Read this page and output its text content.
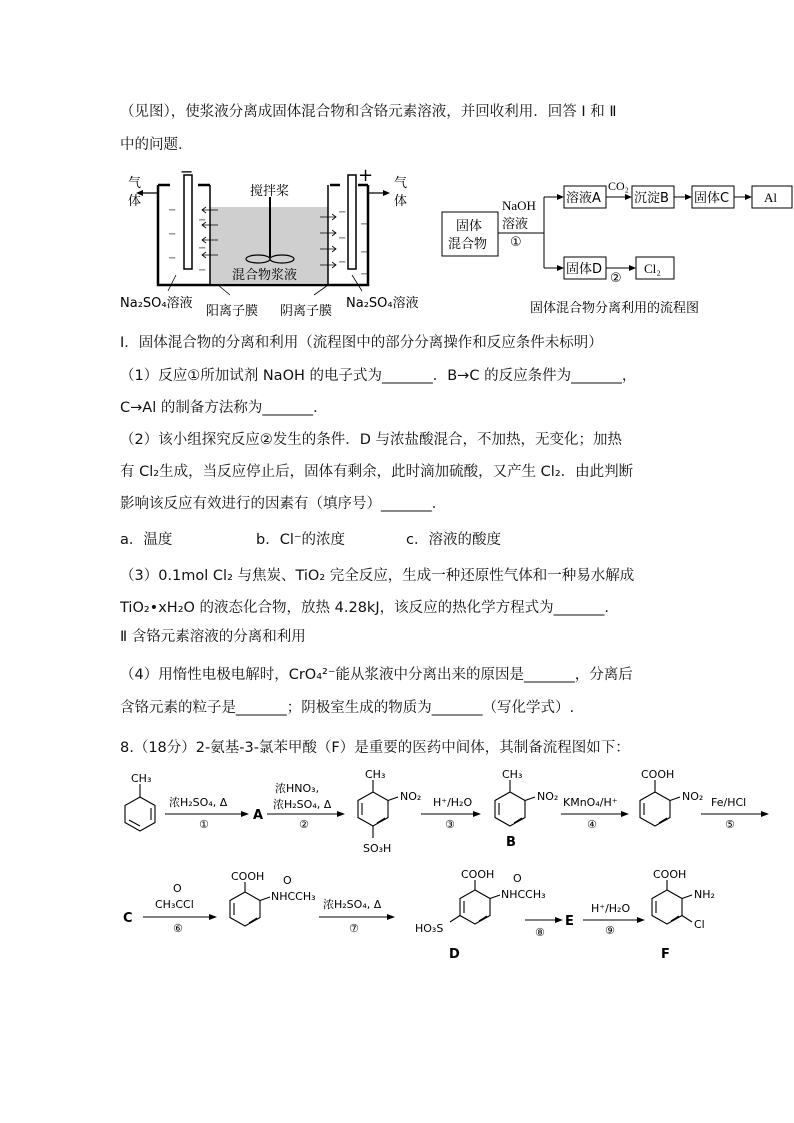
（见图），使浆液分离成固体混合物和含铬元素溶液，并回收利用．回答 Ⅰ 和 Ⅱ
中的问题．
−	+
气体
气体
−
−
−
−
−
−
−
−
−
−
−
−
搅拌桨
混合物浆液
Na₂SO₄溶液
阳离子膜 阴离子膜
Na₂SO₄溶液
固体混合物
NaOH
溶液
①
溶液A
CO₂
沉淀B 固体C	Al
固体D
②
Cl₂
固体混合物分离利用的流程图
Ⅰ．固体混合物的分离和利用（流程图中的部分分离操作和反应条件未标明）
（1）反应①所加试剂 NaOH 的电子式为_______．B→C 的反应条件为_______，
C→Al 的制备方法称为_______．
（2）该小组探究反应②发生的条件．D 与浓盐酸混合，不加热，无变化；加热
有 Cl₂生成，当反应停止后，固体有剩余，此时滴加硫酸，又产生 Cl₂．由此判断
影响该反应有效进行的因素有（填序号）_______．
a．温度	b．Cl⁻的浓度	c．溶液的酸度
（3）0.1mol Cl₂ 与焦炭、TiO₂ 完全反应，生成一种还原性气体和一种易水解成
TiO₂•xH₂O 的液态化合物，放热 4.28kJ，该反应的热化学方程式为_______.
Ⅱ 含铬元素溶液的分离和利用
（4）用惰性电极电解时，CrO₄²⁻能从浆液中分离出来的原因是_______，分离后
含铬元素的粒子是_______；阴极室生成的物质为_______（写化学式）.
8.（18分）2-氨基-3-氯苯甲酸（F）是重要的医药中间体，其制备流程图如下：
CH₃
浓H₂SO₄, Δ
①
A
浓HNO₃,
浓H₂SO₄, Δ
②
CH₃
NO₂
SO₃H
H⁺/H₂O
③
CH₃
NO₂
B
KMnO₄/H⁺
④
COOH
NO₂ Fe/HCl
⑤
C
O
CH₃CCl
⑥
COOH O
NHCCH₃
浓H₂SO₄, Δ
⑦
COOH O
NHCCH₃
HO₃S
D
⑧
E
H⁺/H₂O
⑨
COOH
NH₂
Cl
F
